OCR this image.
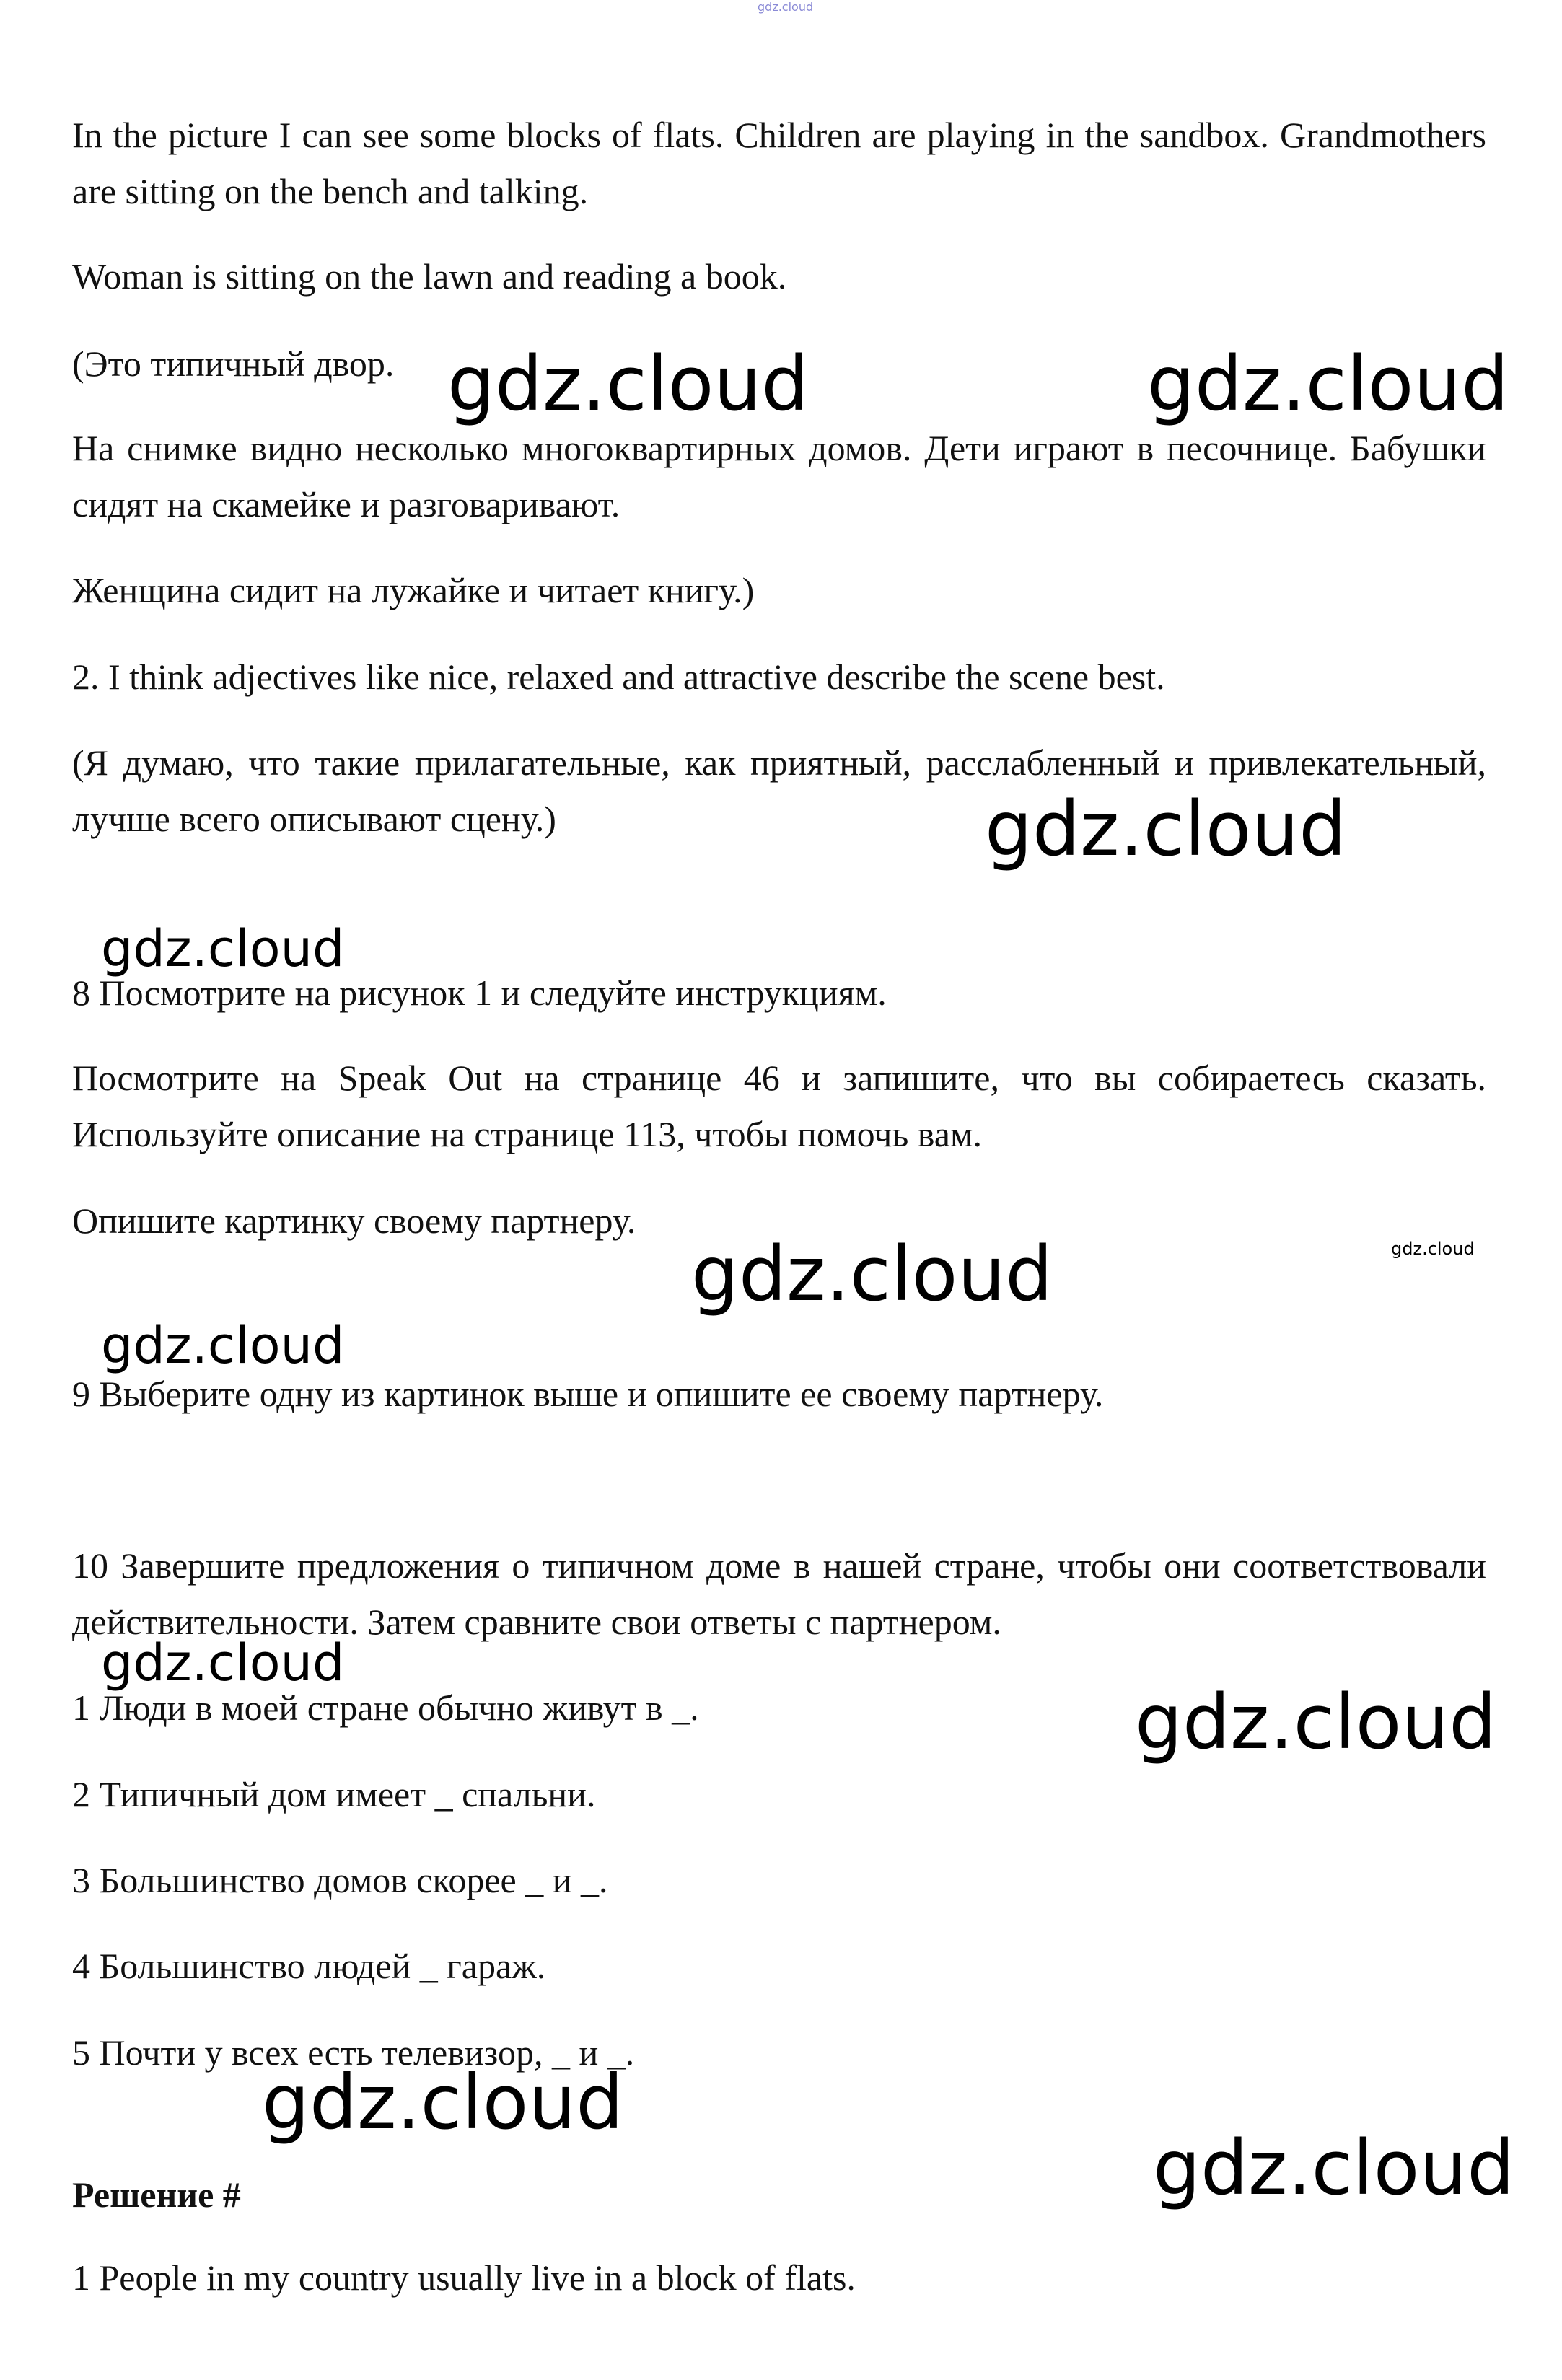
gdz.cloud

In the picture I can see some blocks of flats. Children are playing in the sandbox. Grandmothers are sitting on the bench and talking.

Woman is sitting on the lawn and reading a book.

(Это типичный двор.

На снимке видно несколько многоквартирных домов. Дети играют в песочнице. Бабушки сидят на скамейке и разговаривают.

Женщина сидит на лужайке и читает книгу.)

2. I think adjectives like nice, relaxed and attractive describe the scene best.

(Я думаю, что такие прилагательные, как приятный, расслабленный и привлекательный, лучше всего описывают сцену.)

8 Посмотрите на рисунок 1 и следуйте инструкциям.

Посмотрите на Speak Out на странице 46 и запишите, что вы собираетесь сказать. Используйте описание на странице 113, чтобы помочь вам.

Опишите картинку своему партнеру.

9 Выберите одну из картинок выше и опишите ее своему партнеру.

10 Завершите предложения о типичном доме в нашей стране, чтобы они соответствовали действительности. Затем сравните свои ответы с партнером.

1 Люди в моей стране обычно живут в _.

2 Типичный дом имеет _ спальни.

3 Большинство домов скорее _ и _.

4 Большинство людей _ гараж.

5 Почти у всех есть телевизор, _ и _.

Решение #

1 People in my country usually live in a block of flats.

gdz.cloud	gdz.cloud
gdz.cloud
gdz.cloud
gdz.cloud	gdz.cloud
gdz.cloud
gdz.cloud
gdz.cloud
gdz.cloud
gdz.cloud
